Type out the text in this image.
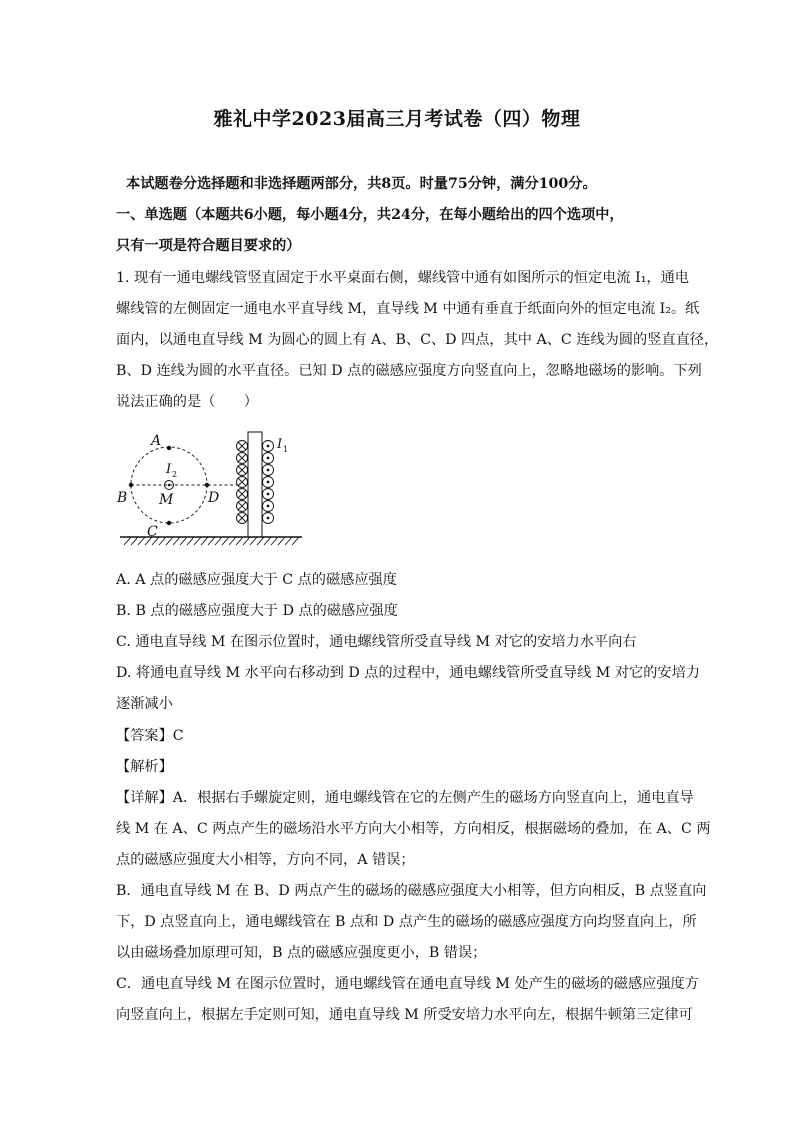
雅礼中学2023届高三月考试卷（四）物理
本试题卷分选择题和非选择题两部分，共8页。时量75分钟，满分100分。
一、单选题（本题共6小题，每小题4分，共24分，在每小题给出的四个选项中，
只有一项是符合题目要求的）
1. 现有一通电螺线管竖直固定于水平桌面右侧，螺线管中通有如图所示的恒定电流 I₁，通电
螺线管的左侧固定一通电水平直导线 M，直导线 M 中通有垂直于纸面向外的恒定电流 I₂。纸
面内，以通电直导线 M 为圆心的圆上有 A、B、C、D 四点，其中 A、C 连线为圆的竖直直径，
B、D 连线为圆的水平直径。已知 D 点的磁感应强度方向竖直向上，忽略地磁场的影响。下列
说法正确的是（　　）
A
B
C
D
M
I 2
I 1
A. A 点的磁感应强度大于 C 点的磁感应强度
B. B 点的磁感应强度大于 D 点的磁感应强度
C. 通电直导线 M 在图示位置时，通电螺线管所受直导线 M 对它的安培力水平向右
D. 将通电直导线 M 水平向右移动到 D 点的过程中，通电螺线管所受直导线 M 对它的安培力
逐渐减小
【答案】C
【解析】
【详解】A．根据右手螺旋定则，通电螺线管在它的左侧产生的磁场方向竖直向上，通电直导
线 M 在 A、C 两点产生的磁场沿水平方向大小相等，方向相反，根据磁场的叠加，在 A、C 两
点的磁感应强度大小相等，方向不同，A 错误；
B．通电直导线 M 在 B、D 两点产生的磁场的磁感应强度大小相等，但方向相反，B 点竖直向
下，D 点竖直向上，通电螺线管在 B 点和 D 点产生的磁场的磁感应强度方向均竖直向上，所
以由磁场叠加原理可知，B 点的磁感应强度更小，B 错误；
C．通电直导线 M 在图示位置时，通电螺线管在通电直导线 M 处产生的磁场的磁感应强度方
向竖直向上，根据左手定则可知，通电直导线 M 所受安培力水平向左，根据牛顿第三定律可
